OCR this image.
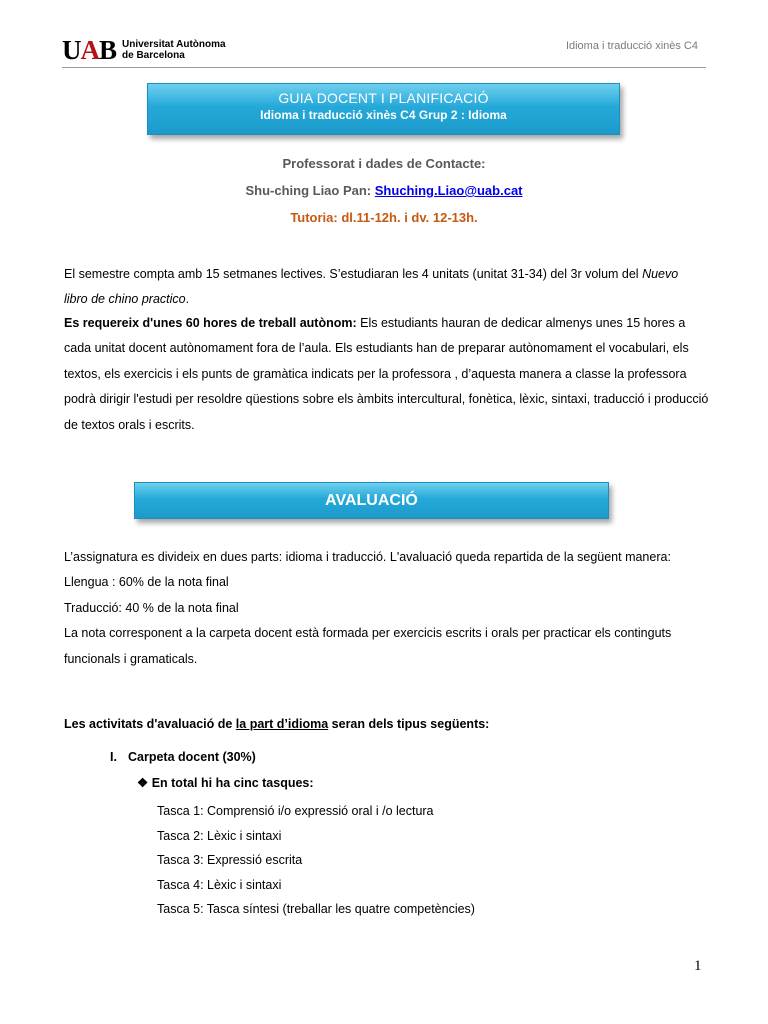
UAB Universitat Autònoma
de Barcelona
Idioma i traducció xinès C4
GUIA DOCENT I PLANIFICACIÓ
Idioma i traducció xinès C4 Grup 2 : Idioma
Professorat i dades de Contacte:
Shu-ching Liao Pan: Shuching.Liao@uab.cat
Tutoria: dl.11-12h. i dv. 12-13h.
El semestre compta amb 15 setmanes lectives. S’estudiaran les 4 unitats (unitat 31-34) del 3r volum del Nuevo
libro de chino practico.
Es requereix d'unes 60 hores de treball autònom: Els estudiants hauran de dedicar almenys unes 15 hores a cada unitat docent autònomament fora de l’aula. Els estudiants han de preparar autònomament el vocabulari, els textos, els exercicis i els punts de gramàtica indicats per la professora , d’aquesta manera a classe la professora podrà dirigir l'estudi per resoldre qüestions sobre els àmbits intercultural, fonètica, lèxic, sintaxi, traducció i producció de textos orals i escrits.
AVALUACIÓ
L’assignatura es divideix en dues parts: idioma i traducció. L'avaluació queda repartida de la següent manera:
Llengua : 60% de la nota final
Traducció: 40 % de la nota final
La nota corresponent a la carpeta docent està formada per exercicis escrits i orals per practicar els continguts funcionals i gramaticals.
Les activitats d'avaluació de la part d’idioma seran dels tipus següents:
I. Carpeta docent (30%)
❖ En total hi ha cinc tasques:
Tasca 1: Comprensió i/o expressió oral i /o lectura
Tasca 2: Lèxic i sintaxi
Tasca 3: Expressió escrita
Tasca 4: Lèxic i sintaxi
Tasca 5: Tasca síntesi (treballar les quatre competències)
1
